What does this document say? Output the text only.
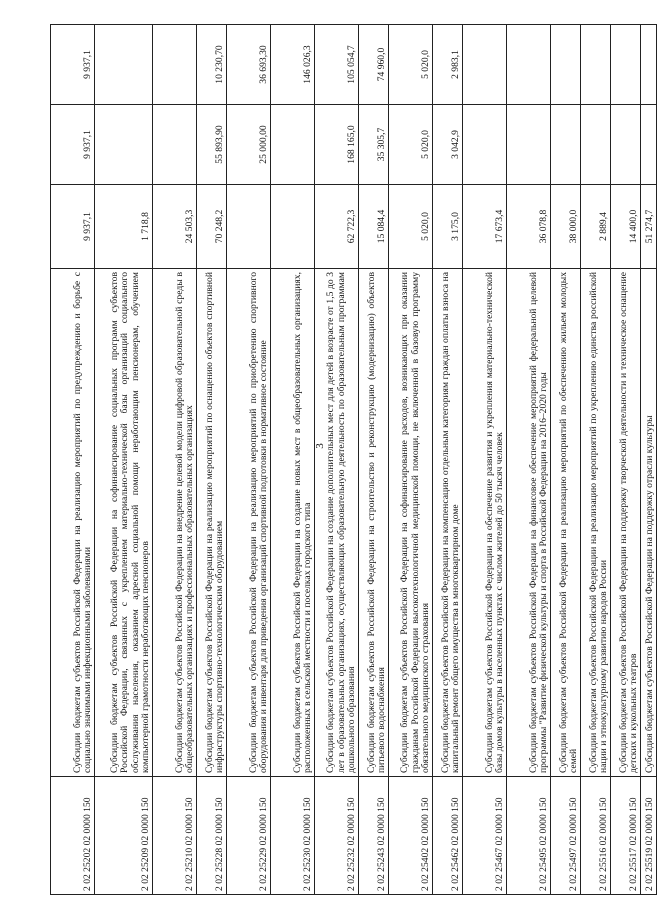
3
2 02 25202 02 0000 150	Субсидии бюджетам субъектов Российской Федерации на реализацию мероприятий по предупреждению и борьбе с социально значимыми инфекционными заболеваниями	9 937,1	9 937,1	9 937,1
2 02 25209 02 0000 150	Субсидии бюджетам субъектов Российской Федерации на софинансирование социальных программ субъектов Российской Федерации, связанных с укреплением материально-технической базы организаций социального обслуживания населения, оказанием адресной социальной помощи неработающим пенсионерам, обучением компьютерной грамотности неработающих пенсионеров	1 718,8		
2 02 25210 02 0000 150	Субсидии бюджетам субъектов Российской Федерации на внедрение целевой модели цифровой образовательной среды в общеобразовательных организациях и профессиональных образовательных организациях	24 503,3		
2 02 25228 02 0000 150	Субсидии бюджетам субъектов Российской Федерации на реализацию мероприятий по оснащению объектов спортивной инфраструктуры спортивно-технологическим оборудованием	70 248,2	55 893,90	10 230,70
2 02 25229 02 0000 150	Субсидии бюджетам субъектов Российской Федерации на реализацию мероприятий по приобретению спортивного оборудования и инвентаря для приведения организаций спортивной подготовки в нормативное состояние		25 000,00	36 693,30
2 02 25230 02 0000 150	Субсидии бюджетам субъектов Российской Федерации на создание новых мест в общеобразовательных организациях, расположенных в сельской местности и поселках городского типа			146 026,3
2 02 25232 02 0000 150	Субсидии бюджетам субъектов Российской Федерации на создание дополнительных мест для детей в возрасте от 1,5 до 3 лет в образовательных организациях, осуществляющих образовательную деятельность по образовательным программам дошкольного образования	62 722,3	168 165,0	105 054,7
2 02 25243 02 0000 150	Субсидии бюджетам субъектов Российской Федерации на строительство и реконструкцию (модернизацию) объектов питьевого водоснабжения	15 084,4	35 305,7	74 960,0
2 02 25402 02 0000 150	Субсидии бюджетам субъектов Российской Федерации на софинансирование расходов, возникающих при оказании гражданам Российской Федерации высокотехнологичной медицинской помощи, не включенной в базовую программу обязательного медицинского страхования	5 020,0	5 020,0	5 020,0
2 02 25462 02 0000 150	Субсидии бюджетам субъектов Российской Федерации на компенсацию отдельным категориям граждан оплаты взноса на капитальный ремонт общего имущества в многоквартирном доме	3 175,0	3 042,9	2 983,1
2 02 25467 02 0000 150	Субсидии бюджетам субъектов Российской Федерации на обеспечение развития и укрепления материально-технической базы домов культуры в населенных пунктах с числом жителей до 50 тысяч человек	17 673,4		
2 02 25495 02 0000 150	Субсидии бюджетам субъектов Российской Федерации на финансовое обеспечение мероприятий федеральной целевой программы "Развитие физической культуры и спорта в Российской Федерации на 2016–2020 годы	36 078,8		
2 02 25497 02 0000 150	Субсидии бюджетам субъектов Российской Федерации на реализацию мероприятий по обеспечению жильем молодых семей	38 000,0		
2 02 25516 02 0000 150	Субсидии бюджетам субъектов Российской Федерации на реализацию мероприятий по укреплению единства российской нации и этнокультурному развитию народов России	2 889,4		
2 02 25517 02 0000 150	Субсидии бюджетам субъектов Российской Федерации на поддержку творческой деятельности и техническое оснащение детских и кукольных театров	14 400,0		
2 02 25519 02 0000 150	Субсидия бюджетам субъектов Российской Федерации на поддержку отрасли культуры	51 274,7		
